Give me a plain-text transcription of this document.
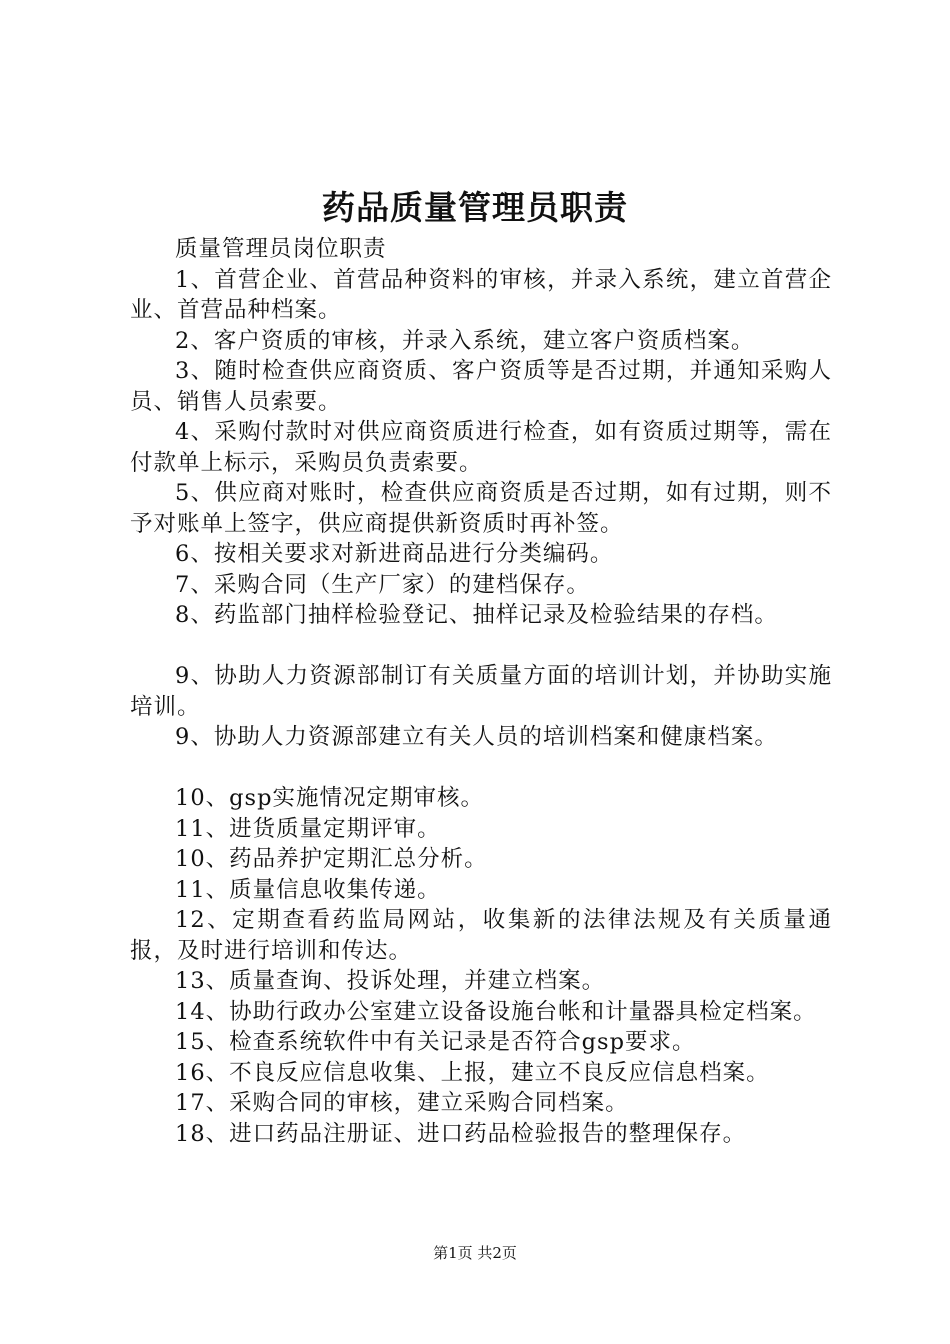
药品质量管理员职责

质量管理员岗位职责

1、首营企业、首营品种资料的审核，并录入系统，建立首营企业、首营品种档案。

2、客户资质的审核，并录入系统，建立客户资质档案。

3、随时检查供应商资质、客户资质等是否过期，并通知采购人员、销售人员索要。

4、采购付款时对供应商资质进行检查，如有资质过期等，需在付款单上标示，采购员负责索要。

5、供应商对账时，检查供应商资质是否过期，如有过期，则不予对账单上签字，供应商提供新资质时再补签。

6、按相关要求对新进商品进行分类编码。

7、采购合同（生产厂家）的建档保存。

8、药监部门抽样检验登记、抽样记录及检验结果的存档。

9、协助人力资源部制订有关质量方面的培训计划，并协助实施培训。

9、协助人力资源部建立有关人员的培训档案和健康档案。

10、gsp实施情况定期审核。

11、进货质量定期评审。

10、药品养护定期汇总分析。

11、质量信息收集传递。

12、定期查看药监局网站，收集新的法律法规及有关质量通报，及时进行培训和传达。

13、质量查询、投诉处理，并建立档案。

14、协助行政办公室建立设备设施台帐和计量器具检定档案。

15、检查系统软件中有关记录是否符合gsp要求。

16、不良反应信息收集、上报，建立不良反应信息档案。

17、采购合同的审核，建立采购合同档案。

18、进口药品注册证、进口药品检验报告的整理保存。

第1页 共2页
